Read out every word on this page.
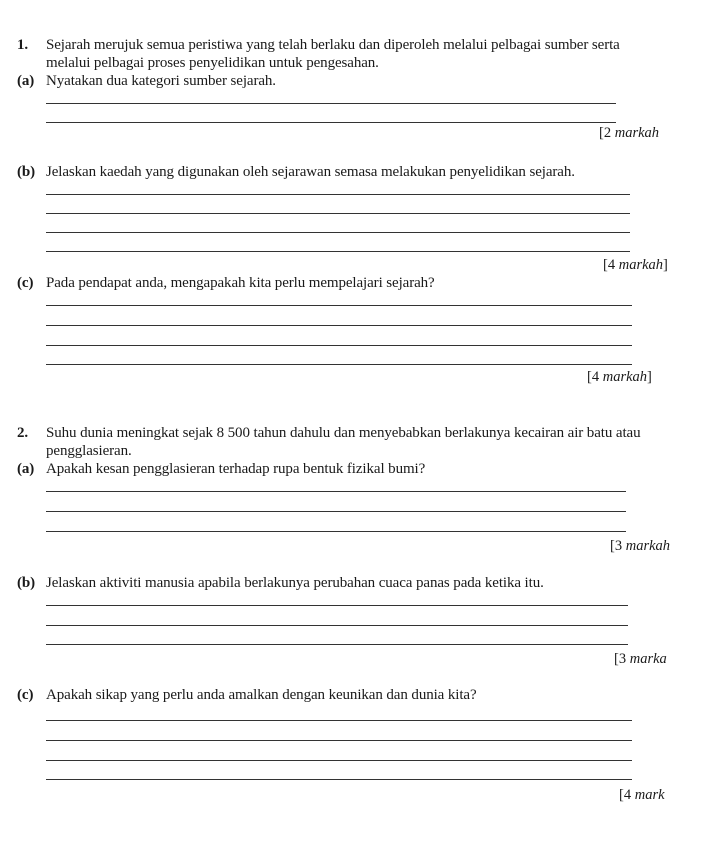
1. Sejarah merujuk semua peristiwa yang telah berlaku dan diperoleh melalui pelbagai sumber serta
melalui pelbagai proses penyelidikan untuk pengesahan.
(a) Nyatakan dua kategori sumber sejarah.
[2 markah
(b) Jelaskan kaedah yang digunakan oleh sejarawan semasa melakukan penyelidikan sejarah.
[4 markah]
(c) Pada pendapat anda, mengapakah kita perlu mempelajari sejarah?
[4 markah]
2. Suhu dunia meningkat sejak 8 500 tahun dahulu dan menyebabkan berlakunya kecairan air batu atau
pengglasieran.
(a) Apakah kesan pengglasieran terhadap rupa bentuk fizikal bumi?
[3 markah
(b) Jelaskan aktiviti manusia apabila berlakunya perubahan cuaca panas pada ketika itu.
[3 marka
(c) Apakah sikap yang perlu anda amalkan dengan keunikan dan dunia kita?
[4 mark
